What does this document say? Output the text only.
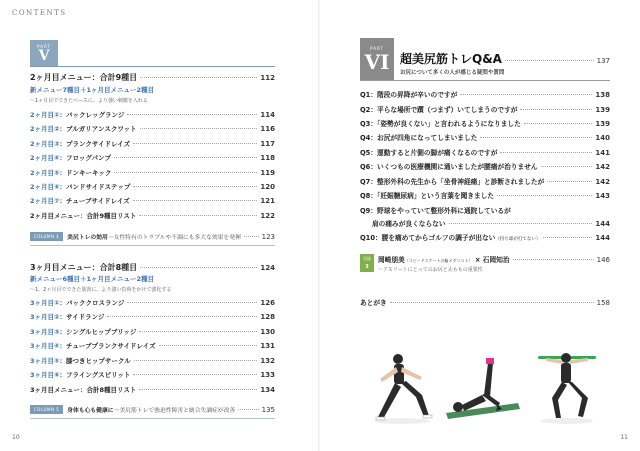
CONTENTS
PART
V
2ヶ月目メニュー：合計9種目	112
新メニュー7種目＋1ヶ月目メニュー2種目
〜1ヶ月目でできたベースに、より強い刺激を入れる
2ヶ月目①：バックレッグランジ	114
2ヶ月目②：ブルガリアンスクワット	116
2ヶ月目③：プランクサイドレイズ	117
2ヶ月目④：フロッグパンプ	118
2ヶ月目⑤：ドンキーキック	119
2ヶ月目⑥：バンドサイドステップ	120
2ヶ月目⑦：チューブサイドレイズ	121
2ヶ月目メニュー：合計9種目リスト	122
COLUMN 4	美尻トレの効用〜女性特有のトラブルや不調にも多大な効果を発揮	123
3ヶ月目メニュー：合計8種目	124
新メニュー6種目＋1ヶ月目メニュー2種目
〜1、2ヶ月目でできた筋肉に、より強い負荷をかけて強化する
3ヶ月目①：バッククロスランジ	126
3ヶ月目②：サイドランジ	128
3ヶ月目③：シングルヒップブリッジ	130
3ヶ月目④：チューブプランクサイドレイズ	131
3ヶ月目⑤：膝つきヒップサークル	132
3ヶ月目⑥：フライングスピリット	133
3ヶ月目メニュー：合計8種目リスト	134
COLUMN 5	身体も心も健康に〜美尻筋トレで強迫性障害と統合失調症が改善	135
10
PART
VI 超美尻筋トレQ&A	137
お尻について多くの人が感じる疑問や質問
Q1：階段の昇降が辛いのですが	138
Q2：平らな場所で躓（つまず）いてしまうのですが	139
Q3：「姿勢が良くない」と言われるようになりました	139
Q4：お尻が四角になってしまいました	140
Q5：運動すると片側の脚が痛くなるのですが	141
Q6：いくつもの医療機関に通いましたが腰痛が治りません	142
Q7：整形外科の先生から「坐骨神経痛」と診断されましたが	142
Q8：「妊娠糖尿病」という言葉を聞きました	143
Q9：野球をやっていて整形外科に通院しているが
肩の痛みが良くならない	144
Q10：腰を痛めてからゴルフの調子が出ない（持ち球が打てない）	144
対談
3
岡崎朋美（スピードスケート五輪メダリスト） × 石岡知治	146
〜アスリートにとってのお尻と太ももの重要性
あとがき	158
11
